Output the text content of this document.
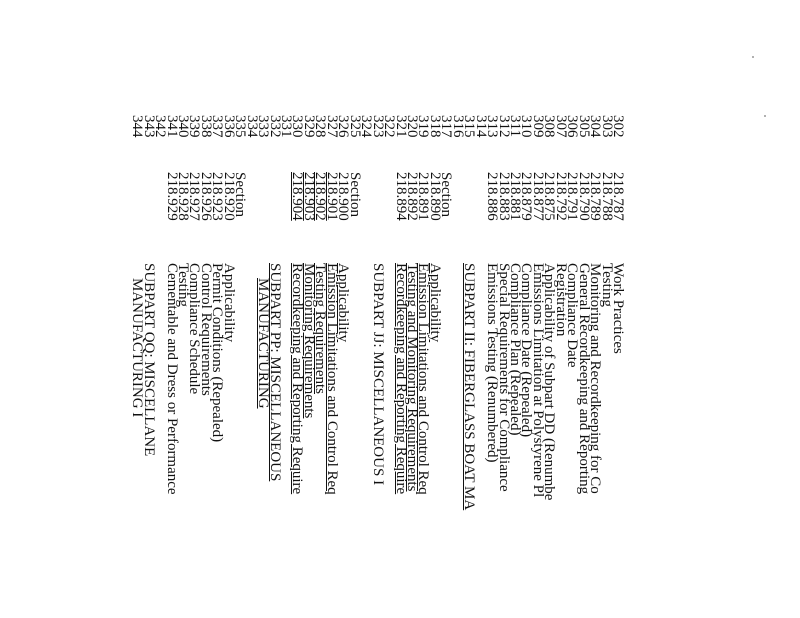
302
303
304
305
306
307
308
309
310
311
312
313
314
315
316
317
318
319
320
321
322
323
324
325
326
327
328
329
330
331
332
333
334
335
336
337
338
339
340
341
342
343
344
218.787
218.788
218.789
218.790
218.791
218.792
218.875
218.877
218.879
218.881
218.883
218.886
Section
218.890
218.891
218.892
218.894
Section
218.900
218.901
218.902
218.903
218.904
Section
218.920
218.923
218.926
218.927
218.928
218.929
Work Practices
Testing
Monitoring and Recordkeeping for Co
General Recordkeeping and Reporting
Compliance Date
Registration
Applicability of Subpart DD (Renumbe
Emissions Limitation at Polystyrene Pl
Compliance Date (Repealed)
Compliance Plan (Repealed)
Special Requirements for Compliance
Emissions Testing (Renumbered)
SUBPART II: FIBERGLASS BOAT MA
Applicability
Emission Limitations and Control Req
Testing and Monitoring Requirements
Recordkeeping and Reporting Require
SUBPART JJ: MISCELLANEOUS I
Applicability
Emission Limitations and Control Req
Testing Requirements
Monitoring Requirements
Recordkeeping and Reporting Require
SUBPART PP: MISCELLANEOUS
MANUFACTURING
Applicability
Permit Conditions (Repealed)
Control Requirements
Compliance Schedule
Testing
Cementable and Dress or Performance
SUBPART QQ: MISCELLANE
MANUFACTURING I
